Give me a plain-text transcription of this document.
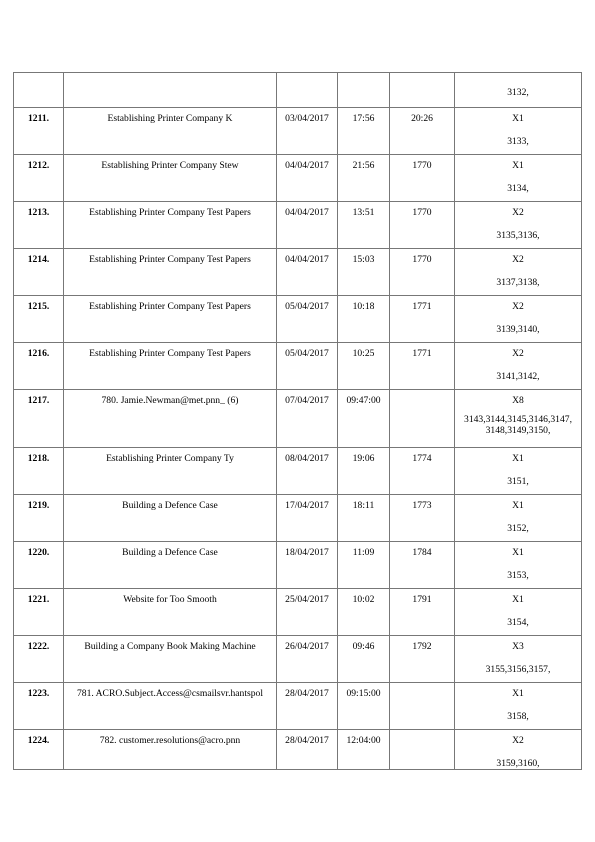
					3132,

1211.	Establishing Printer Company K	03/04/2017	17:56	20:26	X1
3133,

1212.	Establishing Printer Company Stew	04/04/2017	21:56	1770	X1
3134,

1213.	Establishing Printer Company Test Papers	04/04/2017	13:51	1770	X2
3135,3136,

1214.	Establishing Printer Company Test Papers	04/04/2017	15:03	1770	X2
3137,3138,

1215.	Establishing Printer Company Test Papers	05/04/2017	10:18	1771	X2
3139,3140,

1216.	Establishing Printer Company Test Papers	05/04/2017	10:25	1771	X2
3141,3142,

1217.	780. Jamie.Newman@met.pnn_ (6)	07/04/2017	09:47:00		X8
3143,3144,3145,3146,3147, 3148,3149,3150,

1218.	Establishing Printer Company Ty	08/04/2017	19:06	1774	X1
3151,

1219.	Building a Defence Case	17/04/2017	18:11	1773	X1
3152,

1220.	Building a Defence Case	18/04/2017	11:09	1784	X1
3153,

1221.	Website for Too Smooth	25/04/2017	10:02	1791	X1
3154,

1222.	Building a Company Book Making Machine	26/04/2017	09:46	1792	X3
3155,3156,3157,

1223.	781. ACRO.Subject.Access@csmailsvr.hantspol	28/04/2017	09:15:00		X1
3158,

1224.	782. customer.resolutions@acro.pnn	28/04/2017	12:04:00		X2
3159,3160,
